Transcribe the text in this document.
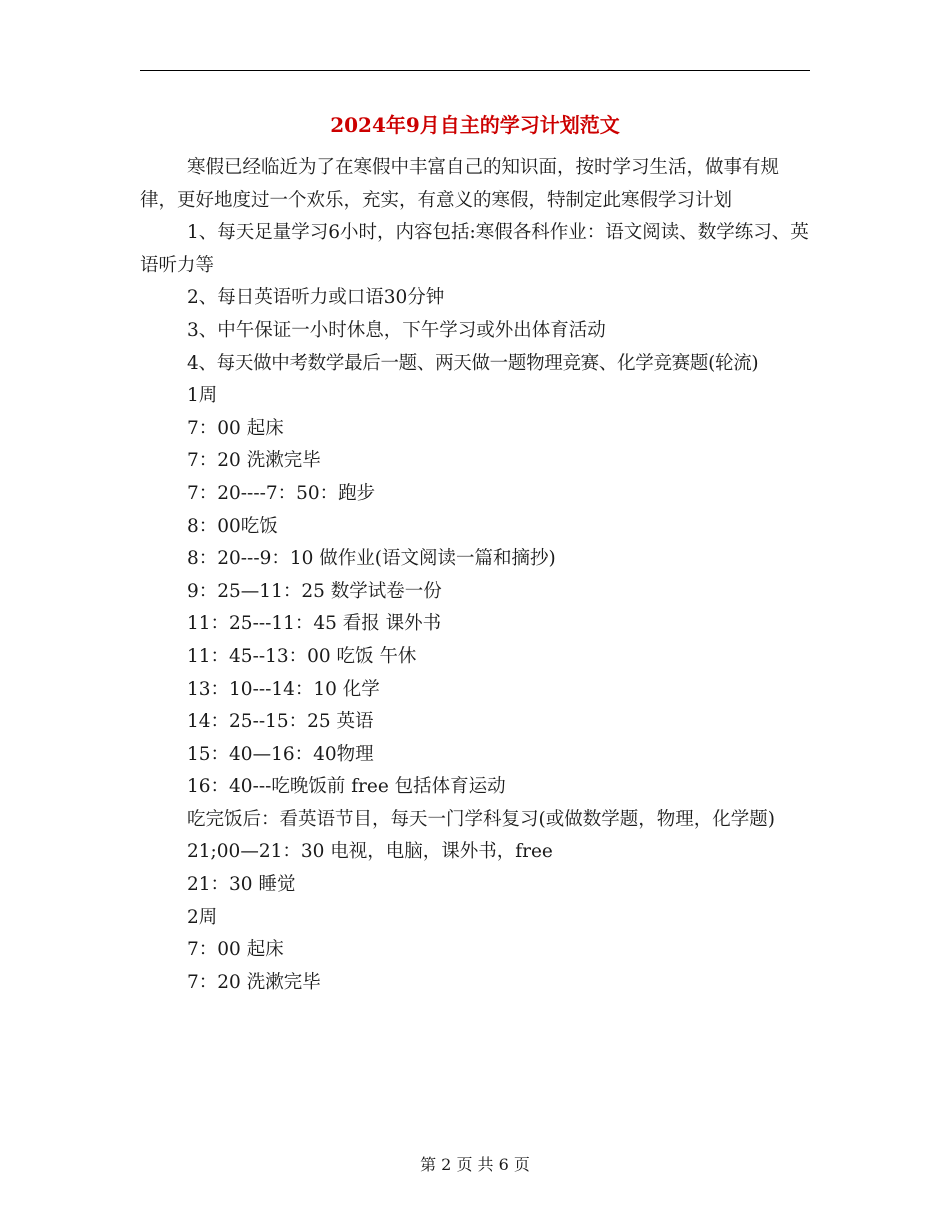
2024年9月自主的学习计划范文

寒假已经临近为了在寒假中丰富自己的知识面，按时学习生活，做事有规律，更好地度过一个欢乐，充实，有意义的寒假，特制定此寒假学习计划

1、每天足量学习6小时，内容包括:寒假各科作业：语文阅读、数学练习、英语听力等

2、每日英语听力或口语30分钟

3、中午保证一小时休息，下午学习或外出体育活动

4、每天做中考数学最后一题、两天做一题物理竞赛、化学竞赛题(轮流)

1周

7：00 起床

7：20 洗漱完毕

7：20----7：50：跑步

8：00吃饭

8：20---9：10 做作业(语文阅读一篇和摘抄)

9：25—11：25 数学试卷一份

11：25---11：45 看报 课外书

11：45--13：00 吃饭 午休

13：10---14：10 化学

14：25--15：25 英语

15：40—16：40物理

16：40---吃晚饭前 free 包括体育运动

吃完饭后：看英语节目，每天一门学科复习(或做数学题，物理，化学题)

21;00—21：30 电视，电脑，课外书，free

21：30 睡觉

2周

7：00 起床

7：20 洗漱完毕

第 2 页 共 6 页
